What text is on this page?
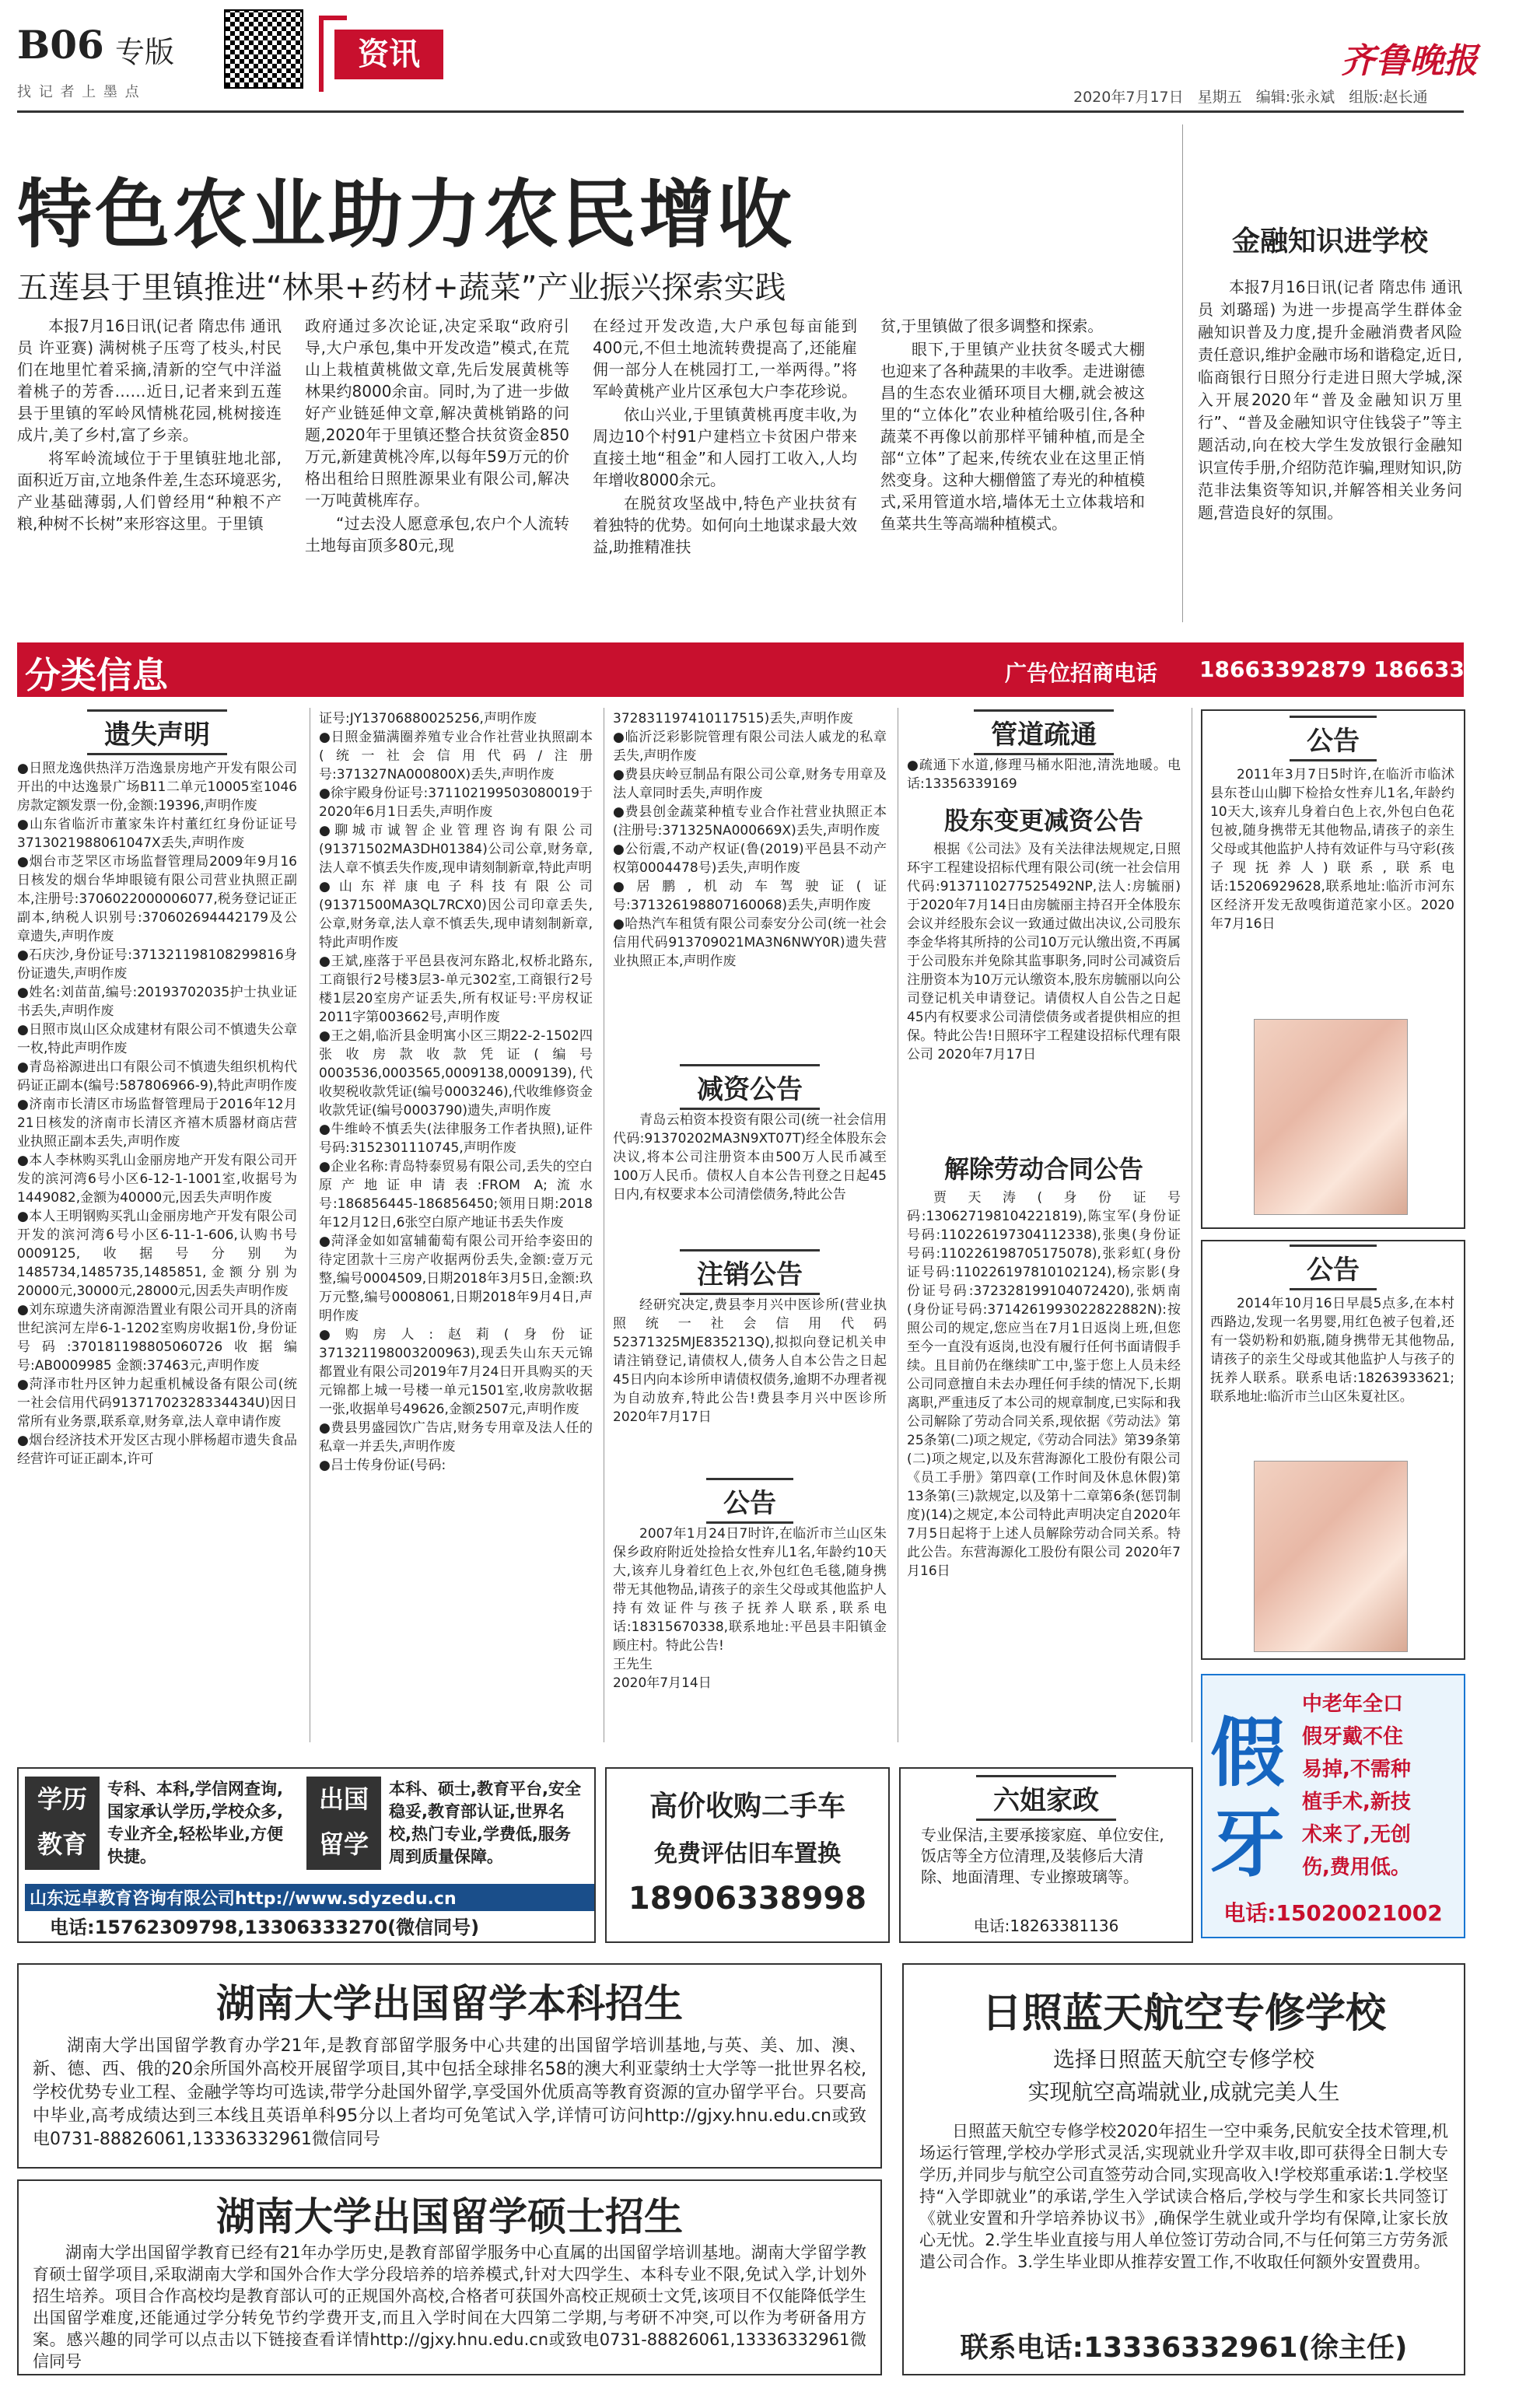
B06 专版
找 记 者 上 墨 点
资讯	齐鲁晚报
2020年7月17日 星期五 编辑:张永斌 组版:赵长通
特色农业助力农民增收
五莲县于里镇推进“林果+药材+蔬菜”产业振兴探索实践

本报7月16日讯(记者 隋忠伟 通讯员 许亚赛) 满树桃子压弯了枝头,村民们在地里忙着采摘,清新的空气中洋溢着桃子的芳香……近日,记者来到五莲县于里镇的军岭风情桃花园,桃树接连成片,美了乡村,富了乡亲。

将军岭流域位于于里镇驻地北部,面积近万亩,立地条件差,生态环境恶劣,产业基础薄弱,人们曾经用“种粮不产粮,种树不长树”来形容这里。于里镇

政府通过多次论证,决定采取“政府引导,大户承包,集中开发改造”模式,在荒山上栽植黄桃做文章,先后发展黄桃等林果约8000余亩。同时,为了进一步做好产业链延伸文章,解决黄桃销路的问题,2020年于里镇还整合扶贫资金850万元,新建黄桃冷库,以每年59万元的价格出租给日照胜源果业有限公司,解决一万吨黄桃库存。

“过去没人愿意承包,农户个人流转土地每亩顶多80元,现

在经过开发改造,大户承包每亩能到400元,不但土地流转费提高了,还能雇佣一部分人在桃园打工,一举两得。”将军岭黄桃产业片区承包大户李花珍说。

依山兴业,于里镇黄桃再度丰收,为周边10个村91户建档立卡贫困户带来直接土地“租金”和人园打工收入,人均年增收8000余元。

在脱贫攻坚战中,特色产业扶贫有着独特的优势。如何向土地谋求最大效益,助推精准扶

贫,于里镇做了很多调整和探索。

眼下,于里镇产业扶贫冬暖式大棚也迎来了各种蔬果的丰收季。走进谢德昌的生态农业循环项目大棚,就会被这里的“立体化”农业种植给吸引住,各种蔬菜不再像以前那样平铺种植,而是全部“立体”了起来,传统农业在这里正悄然变身。这种大棚僧篮了寿光的种植模式,采用管道水培,墙体无土立体栽培和鱼菜共生等高端种植模式。

金融知识进学校

本报7月16日讯(记者 隋忠伟 通讯员 刘璐瑶) 为进一步提高学生群体金融知识普及力度,提升金融消费者风险责任意识,维护金融市场和谐稳定,近日,临商银行日照分行走进日照大学城,深入开展2020年“普及金融知识万里行”、“普及金融知识守住钱袋子”等主题活动,向在校大学生发放银行金融知识宣传手册,介绍防范诈骗,理财知识,防范非法集资等知识,并解答相关业务问题,营造良好的氛围。

分类信息	广告位招商电话 18663392879 18663392869
遗失声明

●日照龙逸供热洋万浩逸景房地产开发有限公司开出的中达逸景广场B11二单元10005室1046房款定额发票一份,金额:19396,声明作废

●山东省临沂市董家朱许村董红红身份证证号3713021988061047X丢失,声明作废

●烟台市芝罘区市场监督管理局2009年9月16日核发的烟台华坤眼镜有限公司营业执照正副本,注册号:3706022000006077,税务登记证正副本,纳税人识别号:370602694442179及公章遗失,声明作废

●石庆沙,身份证号:371321198108299816身份证遗失,声明作废

●姓名:刘苗苗,编号:20193702035护士执业证书丢失,声明作废

●日照市岚山区众成建材有限公司不慎遗失公章一枚,特此声明作废

●青岛裕源进出口有限公司不慎遗失组织机构代码证正副本(编号:587806966-9),特此声明作废

●济南市长清区市场监督管理局于2016年12月21日核发的济南市长清区齐禧木质器材商店营业执照正副本丢失,声明作废

●本人李林购买乳山金丽房地产开发有限公司开发的滨河湾6号小区6-12-1-1001室,收据号为1449082,金额为40000元,因丢失声明作废

●本人王明钢购买乳山金丽房地产开发有限公司开发的滨河湾6号小区6-11-1-606,认购书号0009125,收据号分别为1485734,1485735,1485851,金额分别为20000元,30000元,28000元,因丢失声明作废

●刘东琼遗失济南源浩置业有限公司开具的济南世纪滨河左岸6-1-1202室购房收据1份,身份证号码:370181198805060726收据编号:AB0009985 金额:37463元,声明作废

●菏泽市牡丹区钟力起重机械设备有限公司(统一社会信用代码91371702328334434U)因日常所有业务票,联系章,财务章,法人章申请作废

●烟台经济技术开发区古现小胖杨超市遗失食品经营许可证正副本,许可

证号:JY13706880025256,声明作废

●日照金猫满圈养殖专业合作社营业执照副本(统一社会信用代码/注册号:371327NA000800X)丢失,声明作废

●徐宇殿身份证号:371102199503080019于2020年6月1日丢失,声明作废

●聊城市诚智企业管理咨询有限公司(91371502MA3DH01384)公司公章,财务章,法人章不慎丢失作废,现申请刻制新章,特此声明

●山东祥康电子科技有限公司(91371500MA3QL7RCX0)因公司印章丢失,公章,财务章,法人章不慎丢失,现申请刻制新章,特此声明作废

●王斌,座落于平邑县夜河东路北,权桥北路东,工商银行2号楼3层3-单元302室,工商银行2号楼1层20室房产证丢失,所有权证号:平房权证2011字第003662号,声明作废

●王之娟,临沂县金明寓小区三期22-2-1502四张收房款收款凭证(编号0003536,0003565,0009138,0009139),代收契税收款凭证(编号0003246),代收维修资金收款凭证(编号0003790)遗失,声明作废

●牛维岭不慎丢失(法律服务工作者执照),证件号码:3152301110745,声明作废

●企业名称:青岛特泰贸易有限公司,丢失的空白原产地证申请表:FROM A;流水号:186856445-186856450;领用日期:2018年12月12日,6张空白原产地证书丢失作废

●菏泽金如如富辅葡萄有限公司开给李姿田的待定团款十三房产收据两份丢失,金额:壹万元整,编号0004509,日期2018年3月5日,金额:玖万元整,编号0008061,日期2018年9月4日,声明作废

●购房人:赵莉(身份证371321198003200963),现丢失山东天元锦都置业有限公司2019年7月24日开具购买的天元锦都上城一号楼一单元1501室,收房款收据一张,收据单号49626,金额2507元,声明作废

●费县男盛园饮广告店,财务专用章及法人任的私章一并丢失,声明作废

●吕士传身份证(号码:

372831197410117515)丢失,声明作废

●临沂泛彩影院管理有限公司法人戚龙的私章丢失,声明作废

●费县庆岭豆制品有限公司公章,财务专用章及法人章同时丢失,声明作废

●费县创金蔬菜种植专业合作社营业执照正本(注册号:371325NA000669X)丢失,声明作废

●公衍震,不动产权证(鲁(2019)平邑县不动产权第0004478号)丢失,声明作废

●居鹏,机动车驾驶证(证号:37132619880716006​8)丢失,声明作废

●哈热汽车租赁有限公司泰安分公司(统一社会信用代码913709021MA3N6NWY0R)遗失营业执照正本,声明作废

减资公告

青岛云柏资本投资有限公司(统一社会信用代码:91370202MA3N9XT07T)经全体股东会决议,将本公司注册资本由500万人民币减至100万人民币。债权人自本公告刊登之日起45日内,有权要求本公司清偿债务,特此公告

注销公告

经研究决定,费县李月兴中医诊所(营业执照统一社会信用代码52371325MJE835213Q),拟拟向登记机关申请注销登记,请债权人,债务人自本公告之日起45日内向本诊所申请债权债务,逾期不办理者视为自动放弃,特此公告!费县李月兴中医诊所 2020年7月17日

公告

2007年1月24日7时许,在临沂市兰山区朱保乡政府附近处捡拾女性弃儿1名,年龄约10天大,该弃儿身着红色上衣,外包红色毛毯,随身携带无其他物品,请孩子的亲生父母或其他监护人持有效证件与孩子抚养人联系,联系电话:18315670338,联系地址:平邑县丰阳镇金顾庄村。特此公告!

王先生

2020年7月14日

管道疏通

●疏通下水道,修理马桶水阳池,清洗地暖。电话:13356339169

股东变更减资公告

根据《公司法》及有关法律法规规定,日照环宇工程建设招标代理有限公司(统一社会信用代码:91371102775254​92NP,法人:房毓丽)于2020年7月14日由房毓丽主持召开全体股东会议并经股东会议一致通过做出决议,公司股东李金华将其所持的公司10万元认缴出资,不再属于公司股东并免除其监事职务,同时公司减资后注册资本为10万元认缴资本,股东房毓丽以向公司登记机关申请登记。请债权人自公告之日起45内有权要求公司清偿债务或者提供相应的担保。特此公告!日照环宇工程建设招标代理有限公司 2020年7月17日

解除劳动合同公告

贾天涛(身份证号码:130627198104221819),陈宝军(身份证号码:110226197304112338),张奥(身份证号码:110226198705175078),张彩虹(身份证号码:110226197810102124),杨宗影(身份证号码:372328199104072420),张炳南(身份证号码:371426199302282​2882N):按照公司的规定,您应当在7月1日返岗上班,但您至今一直没有返岗,也没有履行任何书面请假手续。且目前仍在继续旷工中,鉴于您上人员未经公司同意擅自未去办理任何手续的情况下,长期离职,严重违反了本公司的规章制度,已实际和我公司解除了劳动合同关系,现依据《劳动法》第25条第(二)项之规定,《劳动合同法》第39条第(二)项之规定,以及东营海源化工股份有限公司《员工手册》第四章(工作时间及休息休假)第13条第(三)款规定,以及第十二章第6条(惩罚制度)(14)之规定,本公司特此声明决定自2020年7月5日起将于上述人员解除劳动合同关系。特此公告。东营海源化工股份有限公司 2020年7月16日

公告

2011年3月7日5时许,在临沂市临沭县东苍山山脚下检拾女性弃儿1名,年龄约10天大,该弃儿身着白色上衣,外包白色花包被,随身携带无其他物品,请孩子的亲生父母或其他监护人持有效证件与马守彩(孩子现抚养人)联系,联系电话:15206929628,联系地址:临沂市河东区经济开发无敌嗅街道范家小区。2020年7月16日

公告

2014年10月16日早晨5点多,在本村西路边,发现一名男婴,用红色被子包着,还有一袋奶粉和奶瓶,随身携带无其他物品,请孩子的亲生父母或其他监护人与孩子的抚养人联系。联系电话:18263933621;联系地址:临沂市兰山区朱夏社区。

假
牙
中老年全口
假牙戴不住
易掉,不需种
植手术,新技
术来了,无创
伤,费用低。
电话:15020021002
学历
教育
专科、本科,学信网查询,国家承认学历,学校众多,专业齐全,轻松毕业,方便快捷。
出国
留学
本科、硕士,教育平台,安全稳妥,教育部认证,世界名校,热门专业,学费低,服务周到质量保障。
山东远卓教育咨询有限公司http://www.sdyzedu.cn
电话:15762309798,13306333270(微信同号)
高价收购二手车
免费评估旧车置换
18906338998
六姐家政
专业保洁,主要承接家庭、单位安住,饭店等全方位清理,及装修后大清除、地面清理、专业擦玻璃等。
电话:18263381136
湖南大学出国留学本科招生
湖南大学出国留学教育办学21年,是教育部留学服务中心共建的出国留学培训基地,与英、美、加、澳、新、德、西、俄的20余所国外高校开展留学项目,其中包括全球排名58的澳大利亚蒙纳士大学等一批世界名校,学校优势专业工程、金融学等均可选读,带学分赴国外留学,享受国外优质高等教育资源的宣办留学平台。只要高中毕业,高考成绩达到三本线且英语单科95分以上者均可免笔试入学,详情可访问http://gjxy.hnu.edu.cn或致电0731-88826061,13336332961微信同号
湖南大学出国留学硕士招生
湖南大学出国留学教育已经有21年办学历史,是教育部留学服务中心直属的出国留学培训基地。湖南大学留学教育硕士留学项目,采取湖南大学和国外合作大学分段培养的培养模式,针对大四学生、本科专业不限,免试入学,计划外招生培养。项目合作高校均是教育部认可的正规国外高校,合格者可获国外高校正规硕士文凭,该项目不仅能降低学生出国留学难度,还能通过学分转免节约学费开支,而且入学时间在大四第二学期,与考研不冲突,可以作为考研备用方案。感兴趣的同学可以点击以下链接查看详情http://gjxy.hnu.edu.cn或致电0731-88826061,13336332961微信同号
日照蓝天航空专修学校
选择日照蓝天航空专修学校
实现航空高端就业,成就完美人生
日照蓝天航空专修学校2020年招生一空中乘务,民航安全技术管理,机场运行管理,学校办学形式灵活,实现就业升学双丰收,即可获得全日制大专学历,并同步与航空公司直签劳动合同,实现高收入!学校郑重承诺:1.学校坚持“入学即就业”的承诺,学生入学试读合格后,学校与学生和家长共同签订《就业安置和升学培养协议书》,确保学生就业或升学均有保障,让家长放心无忧。2.学生毕业直接与用人单位签订劳动合同,不与任何第三方劳务派遣公司合作。3.学生毕业即从推荐安置工作,不收取任何额外安置费用。
联系电话:13336332961(徐主任)
